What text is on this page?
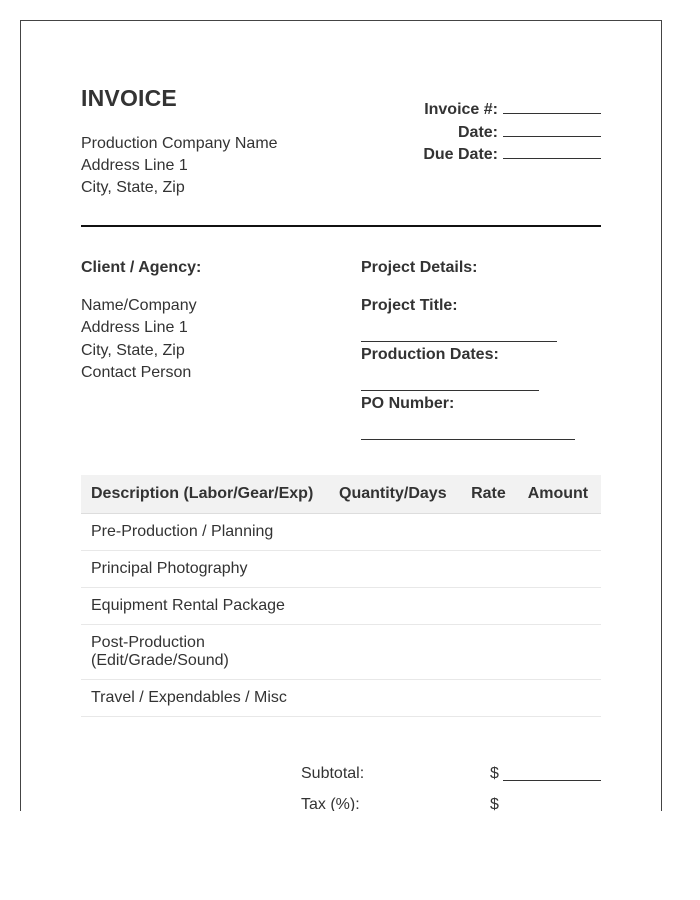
INVOICE
Production Company Name
Address Line 1
City, State, Zip
Invoice #:
Date:
Due Date:
Client / Agency:
Name/Company
Address Line 1
City, State, Zip
Contact Person
Project Details:
Project Title:
Production Dates:
PO Number:
Description (Labor/Gear/Exp)	Quantity/Days	Rate	Amount
Pre-Production / Planning			
Principal Photography			
Equipment Rental Package			
Post-Production (Edit/Grade/Sound)			
Travel / Expendables / Misc			
Subtotal:	$
Tax (%):	$
